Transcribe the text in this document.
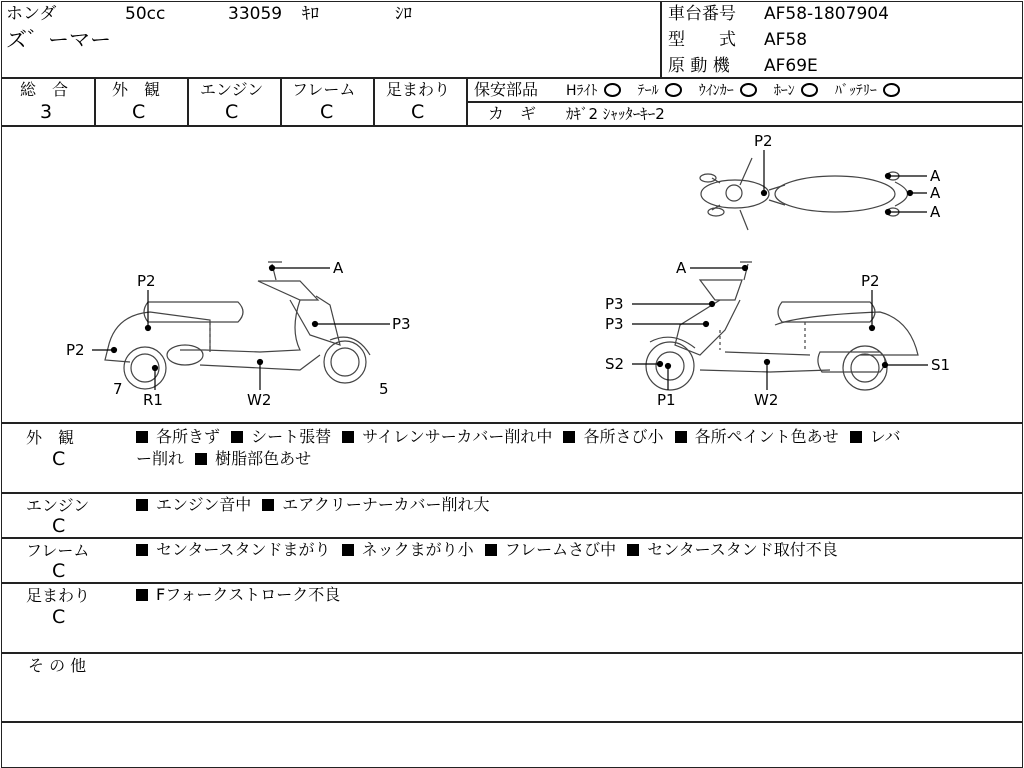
ホンダ	50cc	33059 ｷﾛ	ｼﾛ
ズ゛ーマー
車台番号 AF58-1807904
型　　式 AF58
原 動 機 AF69E
総　合
3
外　観
C
エンジン
C
フレーム
C
足まわり
C
保安部品 Hﾗｲﾄ	ﾃｰﾙ	ｳｲﾝｶｰ	ﾎｰﾝ	ﾊﾞｯﾃﾘｰ
カ　ギ ｶｷﾞ2 ｼｬｯﾀｰｷｰ2
P2
A
A
A
A
P2
P3
P2
7
R1	W2
5
A
P2
P3
P3
S2	S1
P1	W2
外　観
C
各所きず シート張替 サイレンサーカバー削れ中 各所さび小 各所ペイント色あせ レバ
ー削れ 樹脂部色あせ
エンジン
C
エンジン音中 エアクリーナーカバー削れ大
フレーム
C
センタースタンドまがり ネックまがり小 フレームさび中 センタースタンド取付不良
足まわり
C
Fフォークストローク不良
そ の 他
